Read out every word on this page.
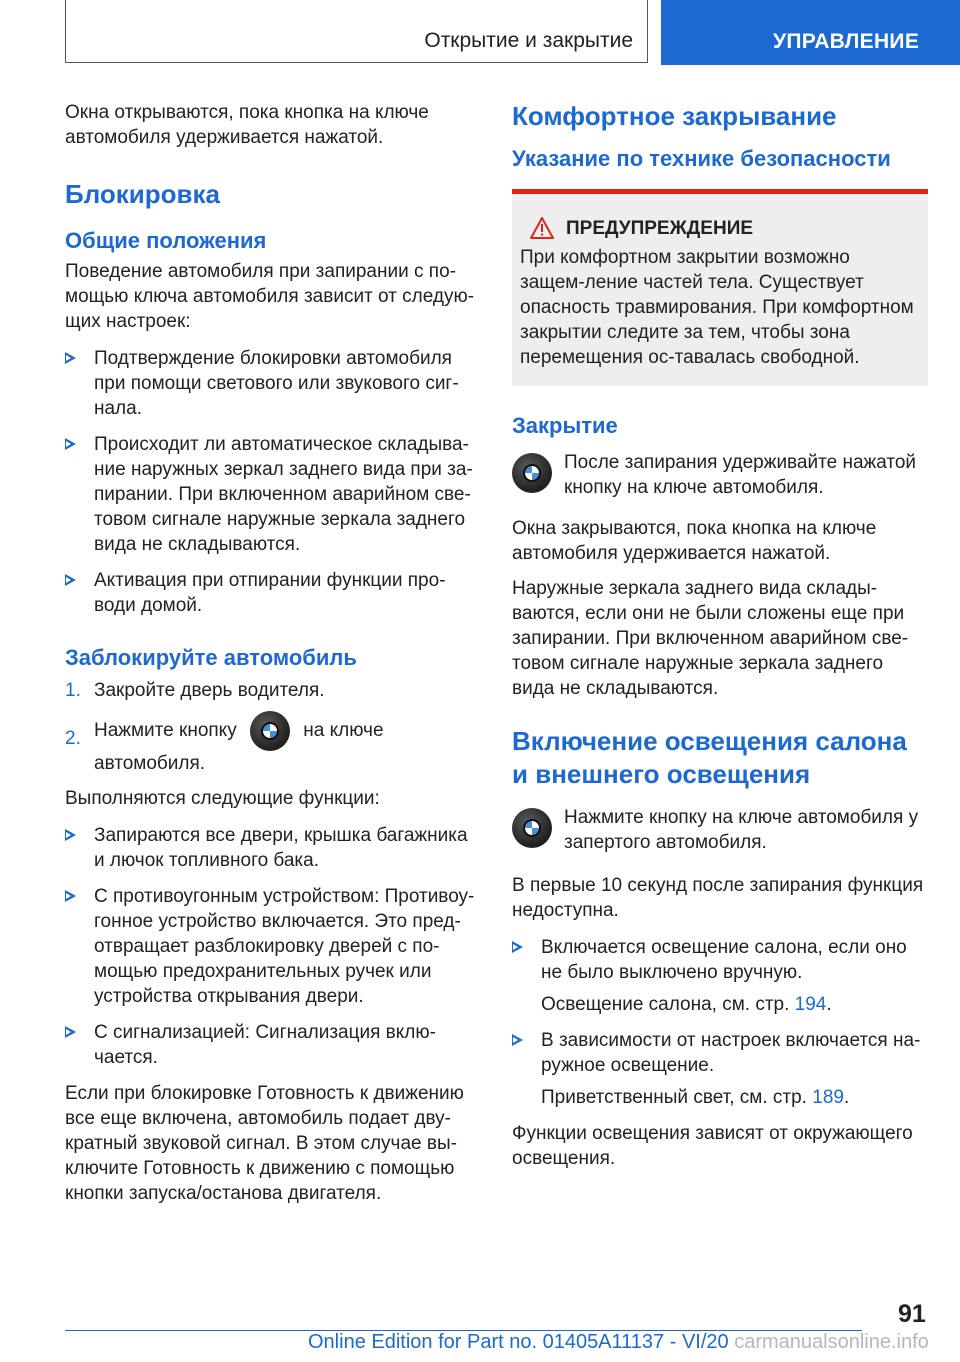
Открытие и закрытие	УПРАВЛЕНИЕ

Окна открываются, пока кнопка на ключе автомобиля удерживается нажатой.

Блокировка
Общие положения

Поведение автомобиля при запирании с по-мощью ключа автомобиля зависит от следую-щих настроек:

Подтверждение блокировки автомобиля при помощи светового или звукового сиг-нала.
Происходит ли автоматическое складыва-ние наружных зеркал заднего вида при за-пирании. При включенном аварийном све-товом сигнале наружные зеркала заднего вида не складываются.
Активация при отпирании функции про-води домой.
Заблокируйте автомобиль
1. Закройте дверь водителя.
2. Нажмите кнопку	на ключе автомобиля.

Выполняются следующие функции:

Запираются все двери, крышка багажника и лючок топливного бака.
С противоугонным устройством: Противоу-гонное устройство включается. Это пред-отвращает разблокировку дверей с по-мощью предохранительных ручек или устройства открывания двери.
С сигнализацией: Сигнализация вклю-чается.

Если при блокировке Готовность к движению все еще включена, автомобиль подает дву-кратный звуковой сигнал. В этом случае вы-ключите Готовность к движению с помощью кнопки запуска/останова двигателя.

Комфортное закрывание
Указание по технике безопасности
ПРЕДУПРЕЖДЕНИЕ
При комфортном закрытии возможно защем-ление частей тела. Существует опасность травмирования. При комфортном закрытии следите за тем, чтобы зона перемещения ос-тавалась свободной.
Закрытие
После запирания удерживайте нажатой кнопку на ключе автомобиля.

Окна закрываются, пока кнопка на ключе автомобиля удерживается нажатой.

Наружные зеркала заднего вида склады-ваются, если они не были сложены еще при запирании. При включенном аварийном све-товом сигнале наружные зеркала заднего вида не складываются.

Включение освещения салона и внешнего освещения
Нажмите кнопку на ключе автомобиля у запертого автомобиля.

В первые 10 секунд после запирания функция недоступна.

Включается освещение салона, если оно не было выключено вручную.
Освещение салона, см. стр. 194.
В зависимости от настроек включается на-ружное освещение.
Приветственный свет, см. стр. 189.

Функции освещения зависят от окружающего освещения.

91
Online Edition for Part no. 01405A11137 - VI/20 carmanualsonline.info
